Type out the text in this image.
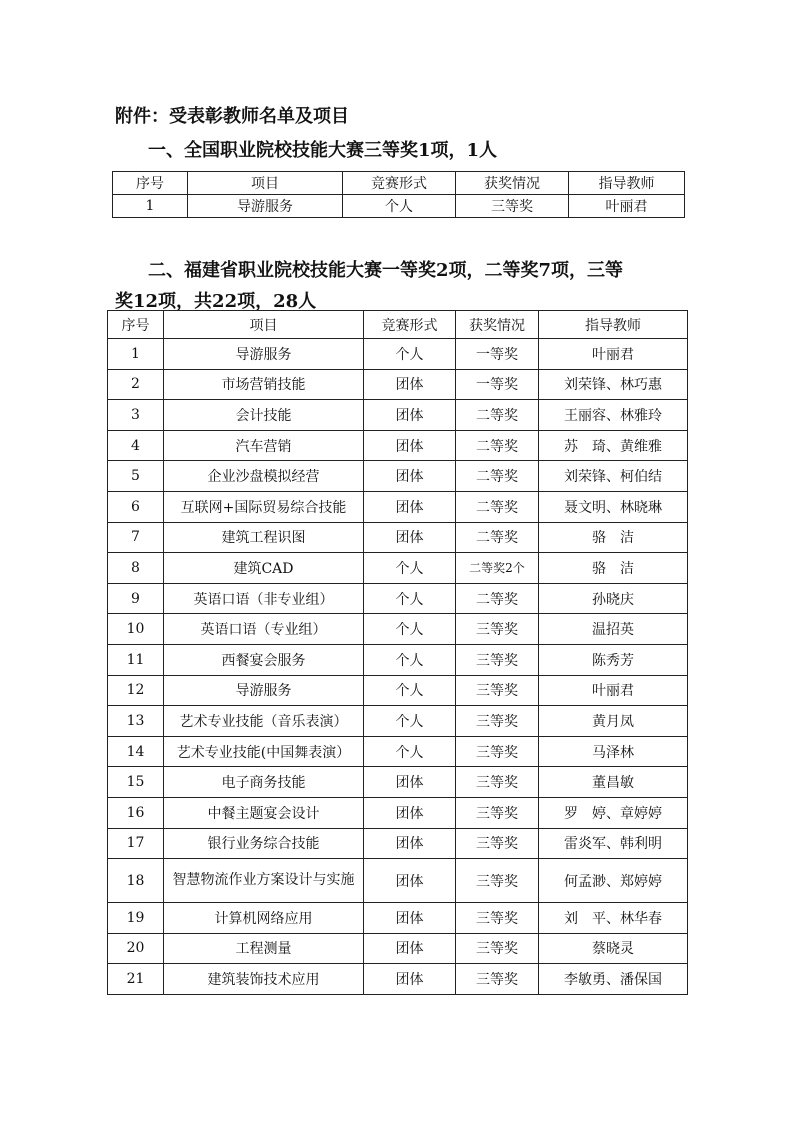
附件：受表彰教师名单及项目
一、全国职业院校技能大赛三等奖1项，1人
序号	项目	竞赛形式	获奖情况	指导教师
1	导游服务	个人	三等奖	叶丽君
二、福建省职业院校技能大赛一等奖2项，二等奖7项，三等
奖12项，共22项，28人
序号	项目	竞赛形式	获奖情况	指导教师
1	导游服务	个人	一等奖	叶丽君
2	市场营销技能	团体	一等奖	刘荣锋、林巧惠
3	会计技能	团体	二等奖	王丽容、林雅玲
4	汽车营销	团体	二等奖	苏　琦、黄维雅
5	企业沙盘模拟经营	团体	二等奖	刘荣锋、柯伯结
6	互联网+国际贸易综合技能	团体	二等奖	聂文明、林晓琳
7	建筑工程识图	团体	二等奖	骆　洁
8	建筑CAD	个人	二等奖2个	骆　洁
9	英语口语（非专业组）	个人	二等奖	孙晓庆
10	英语口语（专业组）	个人	三等奖	温招英
11	西餐宴会服务	个人	三等奖	陈秀芳
12	导游服务	个人	三等奖	叶丽君
13	艺术专业技能（音乐表演）	个人	三等奖	黄月凤
14	艺术专业技能(中国舞表演）	个人	三等奖	马泽林
15	电子商务技能	团体	三等奖	董昌敏
16	中餐主题宴会设计	团体	三等奖	罗　婷、章婷婷
17	银行业务综合技能	团体	三等奖	雷炎军、韩利明
18	智慧物流作业方案设计与实施	团体	三等奖	何孟渺、郑婷婷
19	计算机网络应用	团体	三等奖	刘　平、林华春
20	工程测量	团体	三等奖	蔡晓灵
21	建筑装饰技术应用	团体	三等奖	李敏勇、潘保国
